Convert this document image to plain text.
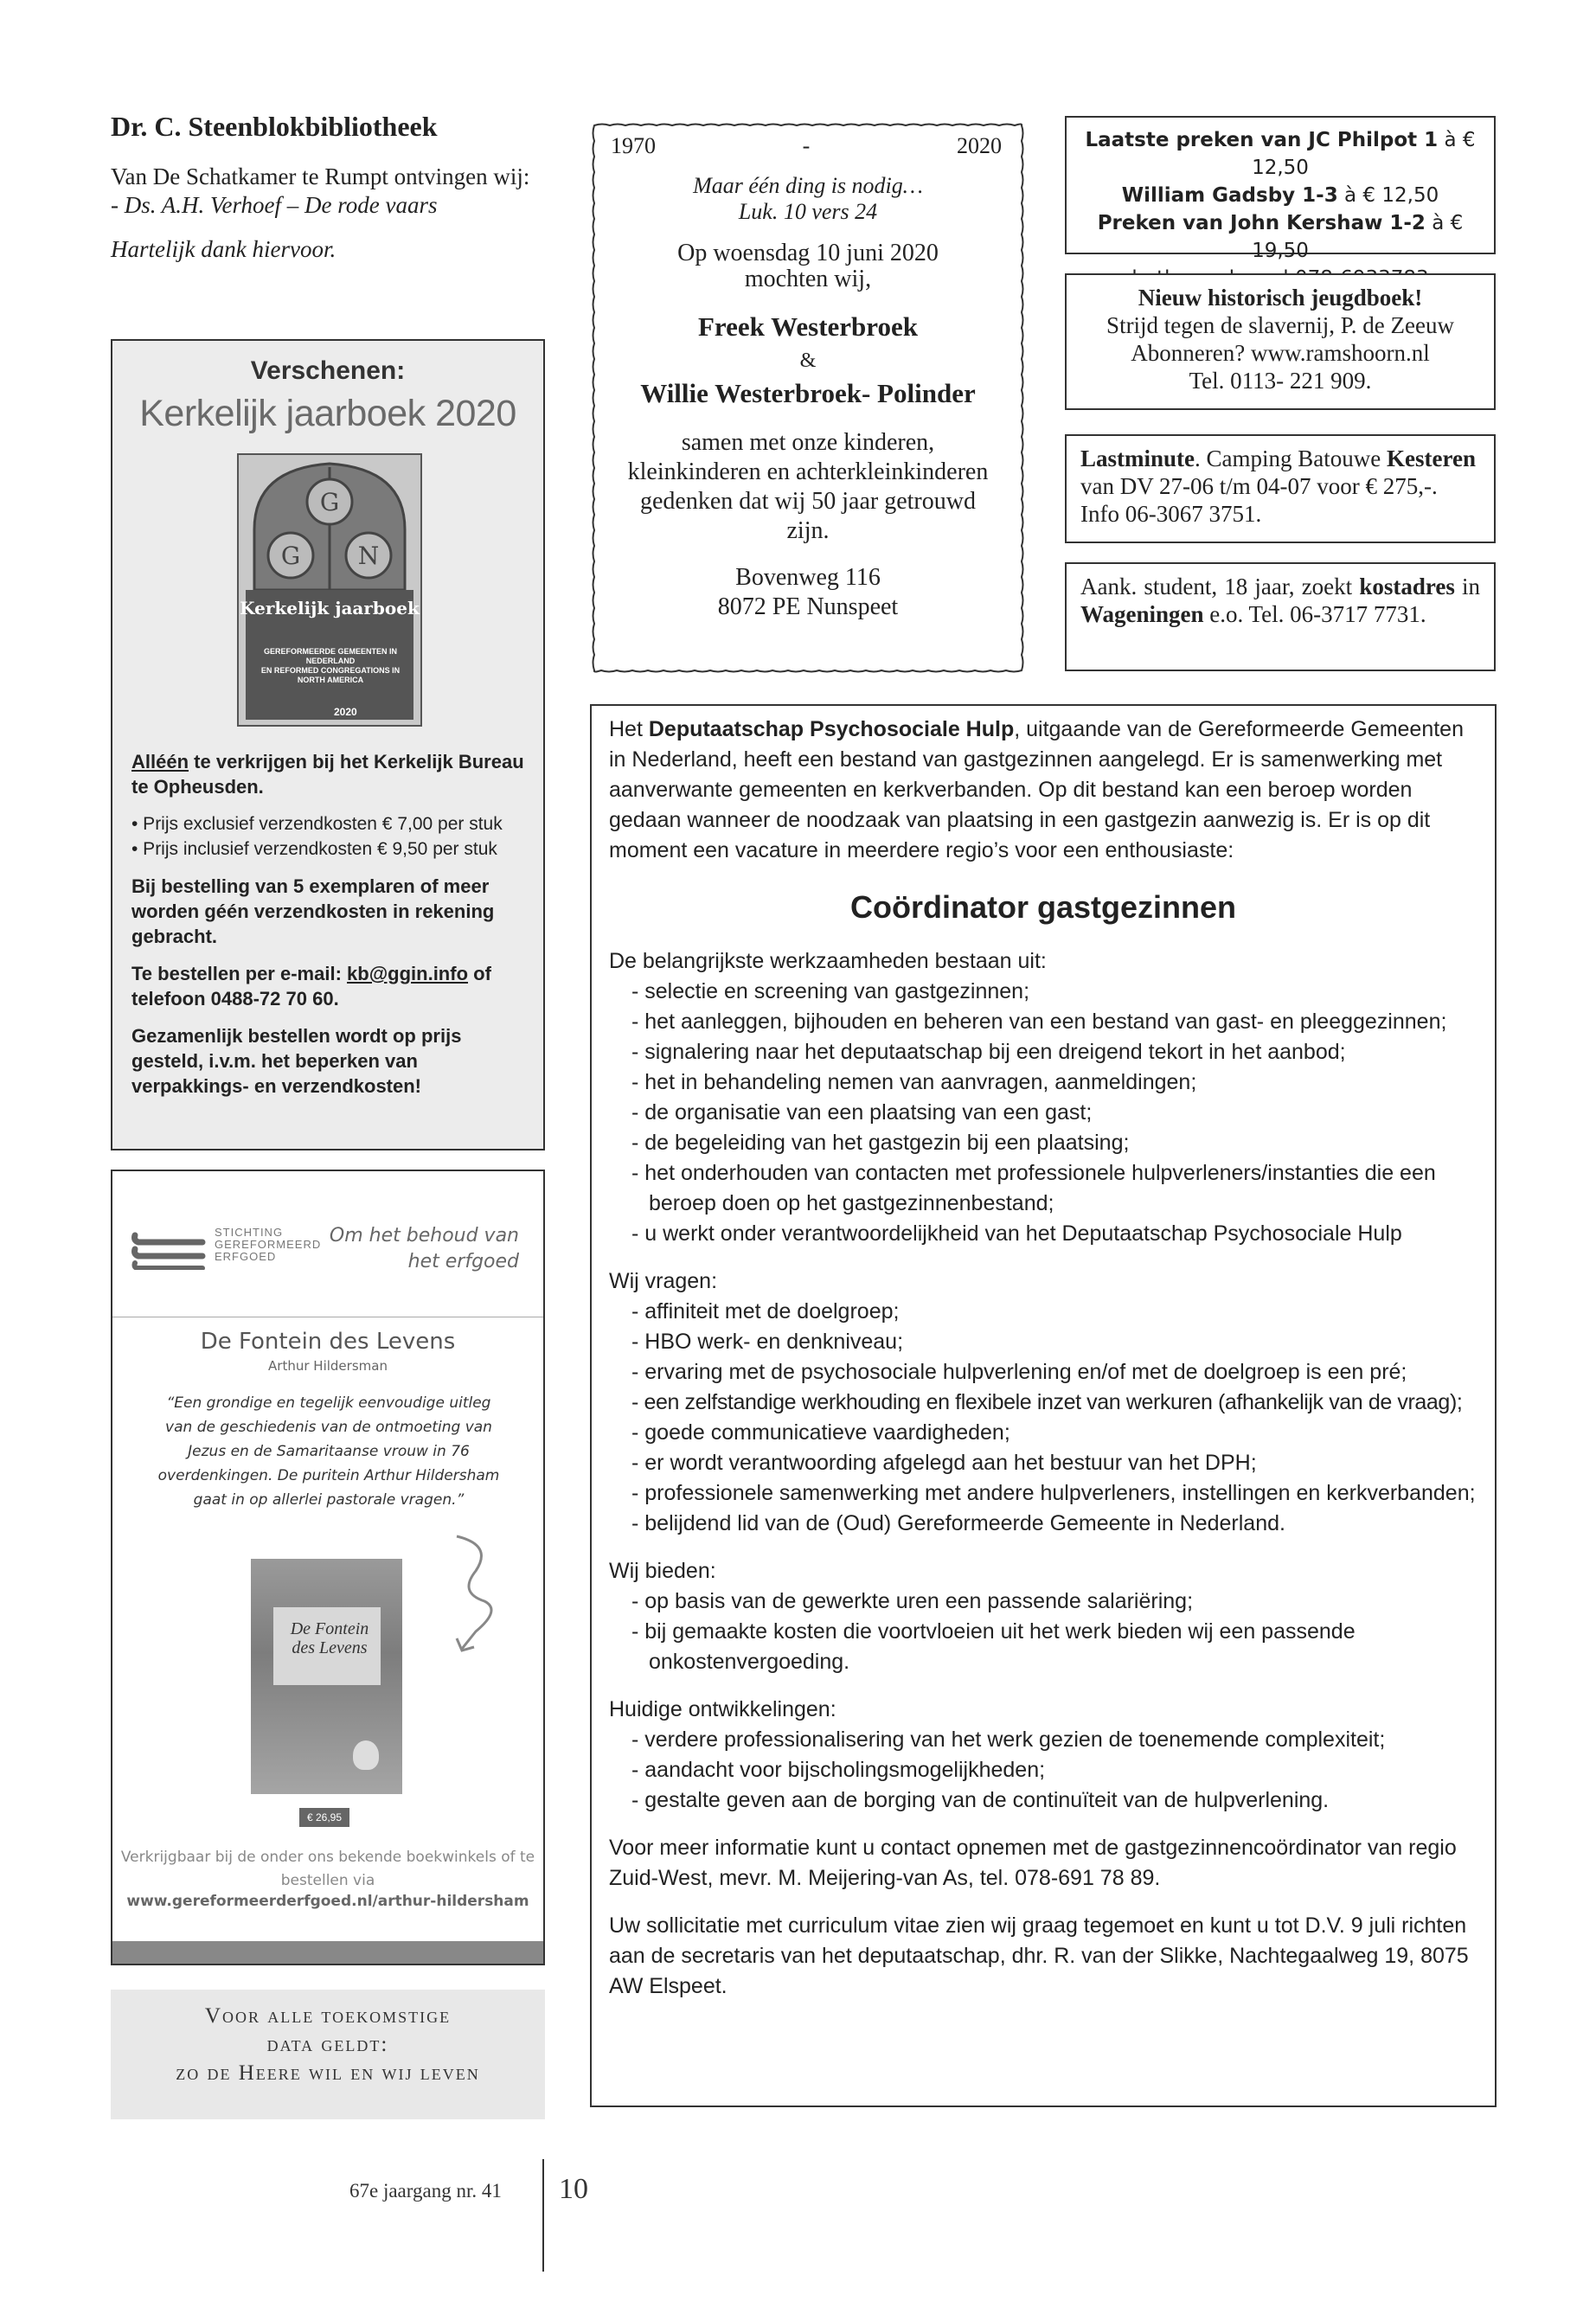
Dr. C. Steenblokbibliotheek

Van De Schatkamer te Rumpt ontvingen wij:

- Ds. A.H. Verhoef – De rode vaars

Hartelijk dank hiervoor.

Verschenen:
Kerkelijk jaarboek 2020
G
G N
Kerkelijk jaarboek
GEREFORMEERDE GEMEENTEN IN NEDERLAND
EN REFORMED CONGREGATIONS IN NORTH AMERICA
2020

Alléén te verkrijgen bij het Kerkelijk Bureau te Opheusden.

• Prijs exclusief verzendkosten € 7,00 per stuk
• Prijs inclusief verzendkosten € 9,50 per stuk

Bij bestelling van 5 exemplaren of meer worden géén verzendkosten in rekening gebracht.

Te bestellen per e-mail: kb@ggin.info of telefoon 0488-72 70 60.

Gezamenlijk bestellen wordt op prijs gesteld, i.v.m. het beperken van verpakkings- en verzendkosten!

STICHTING
GEREFORMEERD
ERFGOED
Om het behoud van het erfgoed
De Fontein des Levens
Arthur Hildersman
“Een grondige en tegelijk eenvoudige uitleg van de geschiedenis van de ontmoeting van Jezus en de Samaritaanse vrouw in 76 overdenkingen. De puritein Arthur Hildersham gaat in op allerlei pastorale vragen.”
De Fontein des Levens
€ 26,95
Verkrijgbaar bij de onder ons bekende boekwinkels of te bestellen via
www.gereformeerderfgoed.nl/arthur-hildersham
Voor alle toekomstige
data geldt:
zo de Heere wil en wij leven
1970	-	2020
Maar één ding is nodig…
Luk. 10 vers 24
Op woensdag 10 juni 2020 mochten wij,
Freek Westerbroek
&
Willie Westerbroek- Polinder
samen met onze kinderen, kleinkinderen en achterkleinkinderen gedenken dat wij 50 jaar getrouwd zijn.
Bovenweg 116
8072 PE Nunspeet
Laatste preken van JC Philpot 1 à € 12,50
William Gadsby 1-3 à € 12,50
Preken van John Kershaw 1-2 à € 19,50
Nieuw historisch jeugdboek!
Strijd tegen de slavernij, P. de Zeeuw
Abonneren? www.ramshoorn.nl
Tel. 0113- 221 909.
Lastminute. Camping Batouwe Kesteren van DV 27-06 t/m 04-07 voor € 275,-. Info 06-3067 3751.
Aank. student, 18 jaar, zoekt kostadres in Wageningen e.o. Tel. 06-3717 7731.

Het Deputaatschap Psychosociale Hulp, uitgaande van de Gereformeerde Gemeenten in Nederland, heeft een bestand van gastgezinnen aangelegd. Er is samenwerking met aanverwante gemeenten en kerkverbanden. Op dit bestand kan een beroep worden gedaan wanneer de noodzaak van plaatsing in een gastgezin aanwezig is. Er is op dit moment een vacature in meerdere regio’s voor een enthousiaste:

Coördinator gastgezinnen

De belangrijkste werkzaamheden bestaan uit:

- selectie en screening van gastgezinnen;
- het aanleggen, bijhouden en beheren van een bestand van gast- en pleeggezinnen;
- signalering naar het deputaatschap bij een dreigend tekort in het aanbod;
- het in behandeling nemen van aanvragen, aanmeldingen;
- de organisatie van een plaatsing van een gast;
- de begeleiding van het gastgezin bij een plaatsing;
- het onderhouden van contacten met professionele hulpverleners/instanties die een beroep doen op het gastgezinnenbestand;
- u werkt onder verantwoordelijkheid van het Deputaatschap Psychosociale Hulp

Wij vragen:

- affiniteit met de doelgroep;
- HBO werk- en denkniveau;
- ervaring met de psychosociale hulpverlening en/of met de doelgroep is een pré;
- een zelfstandige werkhouding en flexibele inzet van werkuren (afhankelijk van de vraag);
- goede communicatieve vaardigheden;
- er wordt verantwoording afgelegd aan het bestuur van het DPH;
- professionele samenwerking met andere hulpverleners, instellingen en kerkverbanden;
- belijdend lid van de (Oud) Gereformeerde Gemeente in Nederland.

Wij bieden:

- op basis van de gewerkte uren een passende salariëring;
- bij gemaakte kosten die voortvloeien uit het werk bieden wij een passende onkostenvergoeding.

Huidige ontwikkelingen:

- verdere professionalisering van het werk gezien de toenemende complexiteit;
- aandacht voor bijscholingsmogelijkheden;
- gestalte geven aan de borging van de continuïteit van de hulpverlening.

Voor meer informatie kunt u contact opnemen met de gastgezinnencoördinator van regio Zuid-West, mevr. M. Meijering-van As, tel. 078-691 78 89.

Uw sollicitatie met curriculum vitae zien wij graag tegemoet en kunt u tot D.V. 9 juli richten aan de secretaris van het deputaatschap, dhr. R. van der Slikke, Nachtegaalweg 19, 8075 AW Elspeet.

67e jaargang nr. 41 10
